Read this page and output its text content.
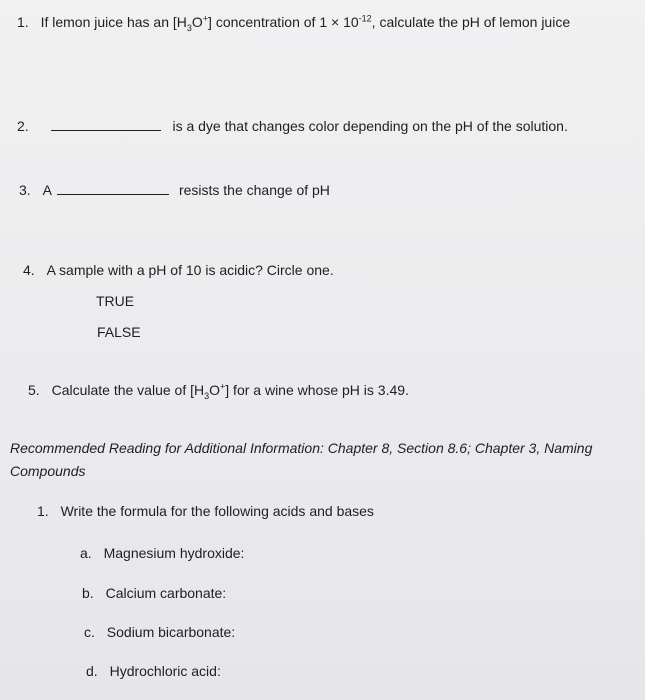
1. If lemon juice has an $[H_3O^+]$ concentration of $1 \times 10^{-12}$, calculate the pH of lemon juice
2.	is a dye that changes color depending on the pH of the solution.
3. A	resists the change of pH
4. A sample with a pH of 10 is acidic? Circle one.
TRUE
FALSE
5. Calculate the value of $[H_3O^+]$ for a wine whose pH is 3.49.
Recommended Reading for Additional Information: Chapter 8, Section 8.6; Chapter 3, Naming
Compounds
1. Write the formula for the following acids and bases
a. Magnesium hydroxide:
b. Calcium carbonate:
c. Sodium bicarbonate:
d. Hydrochloric acid:
